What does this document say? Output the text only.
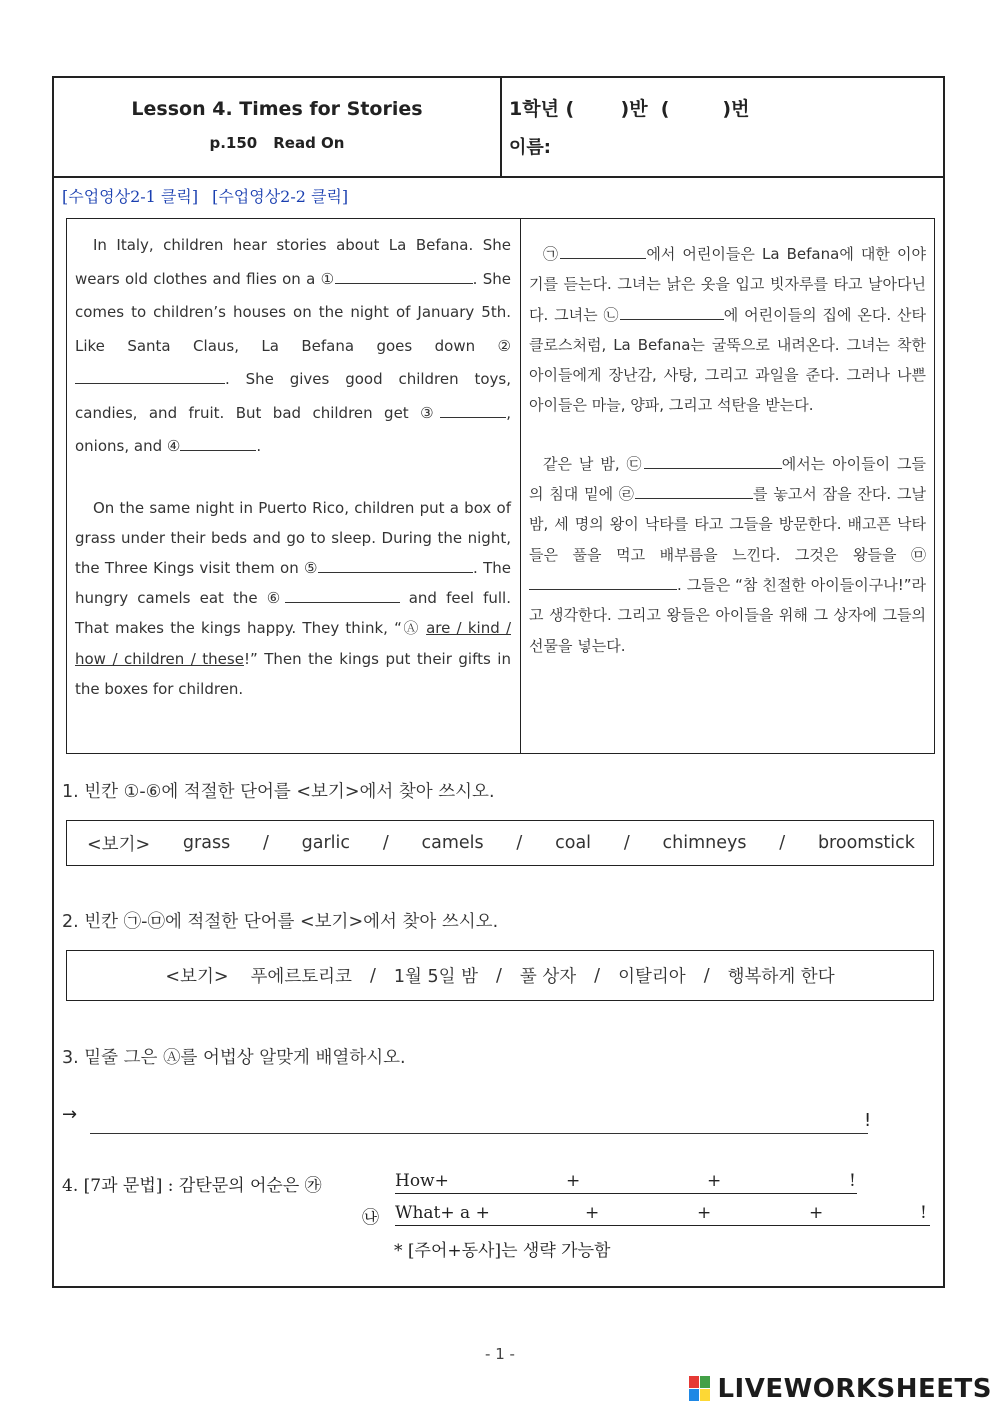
Lesson 4. Times for Stories
p.150 Read On
1학년 (       )반  (        )번
이름:
[수업영상2-1 클릭] [수업영상2-2 클릭]

In Italy, children hear stories about La Befana. She wears old clothes and flies on a ①	. She comes to children’s houses on the night of January 5th. Like Santa Claus, La Befana goes down ②. She gives good children toys, candies, and fruit. But bad children get ③	, onions, and ④	.

On the same night in Puerto Rico, children put a box of grass under their beds and go to sleep. During the night, the Three Kings visit them on ⑤	. The hungry camels eat the ⑥	and feel full. That makes the kings happy. They think, “Ⓐ are / kind / how / children / these!” Then the kings put their gifts in the boxes for children.

㉠	에서 어린이들은 La Befana에 대한 이야기를 듣는다. 그녀는 낡은 옷을 입고 빗자루를 타고 날아다닌다. 그녀는 ㉡	에 어린이들의 집에 온다. 산타클로스처럼, La Befana는 굴뚝으로 내려온다. 그녀는 착한 아이들에게 장난감, 사탕, 그리고 과일을 준다. 그러나 나쁜 아이들은 마늘, 양파, 그리고 석탄을 받는다.

같은 날 밤, ㉢	에서는 아이들이 그들의 침대 밑에 ㉣	를 놓고서 잠을 잔다. 그날 밤, 세 명의 왕이 낙타를 타고 그들을 방문한다. 배고픈 낙타들은 풀을 먹고 배부름을 느낀다. 그것은 왕들을 ㉤. 그들은 “참 친절한 아이들이구나!”라고 생각한다. 그리고 왕들은 아이들을 위해 그 상자에 그들의 선물을 넣는다.

1. 빈칸 ①-⑥에 적절한 단어를 <보기>에서 찾아 쓰시오.
<보기> grass / garlic / camels / coal / chimneys / broomstick
2. 빈칸 ㉠-㉤에 적절한 단어를 <보기>에서 찾아 쓰시오.
<보기> 푸에르토리코 / 1월 5일 밤 / 풀 상자 / 이탈리아 / 행복하게 한다
3. 밑줄 그은 Ⓐ를 어법상 알맞게 배열하시오.
→	!
4. [7과 문법] : 감탄문의 어순은 ㉮	How+	+	+	!
㉯ What+ a +	+	+	+	!
* [주어+동사]는 생략 가능함
- 1 -
LIVEWORKSHEETS
